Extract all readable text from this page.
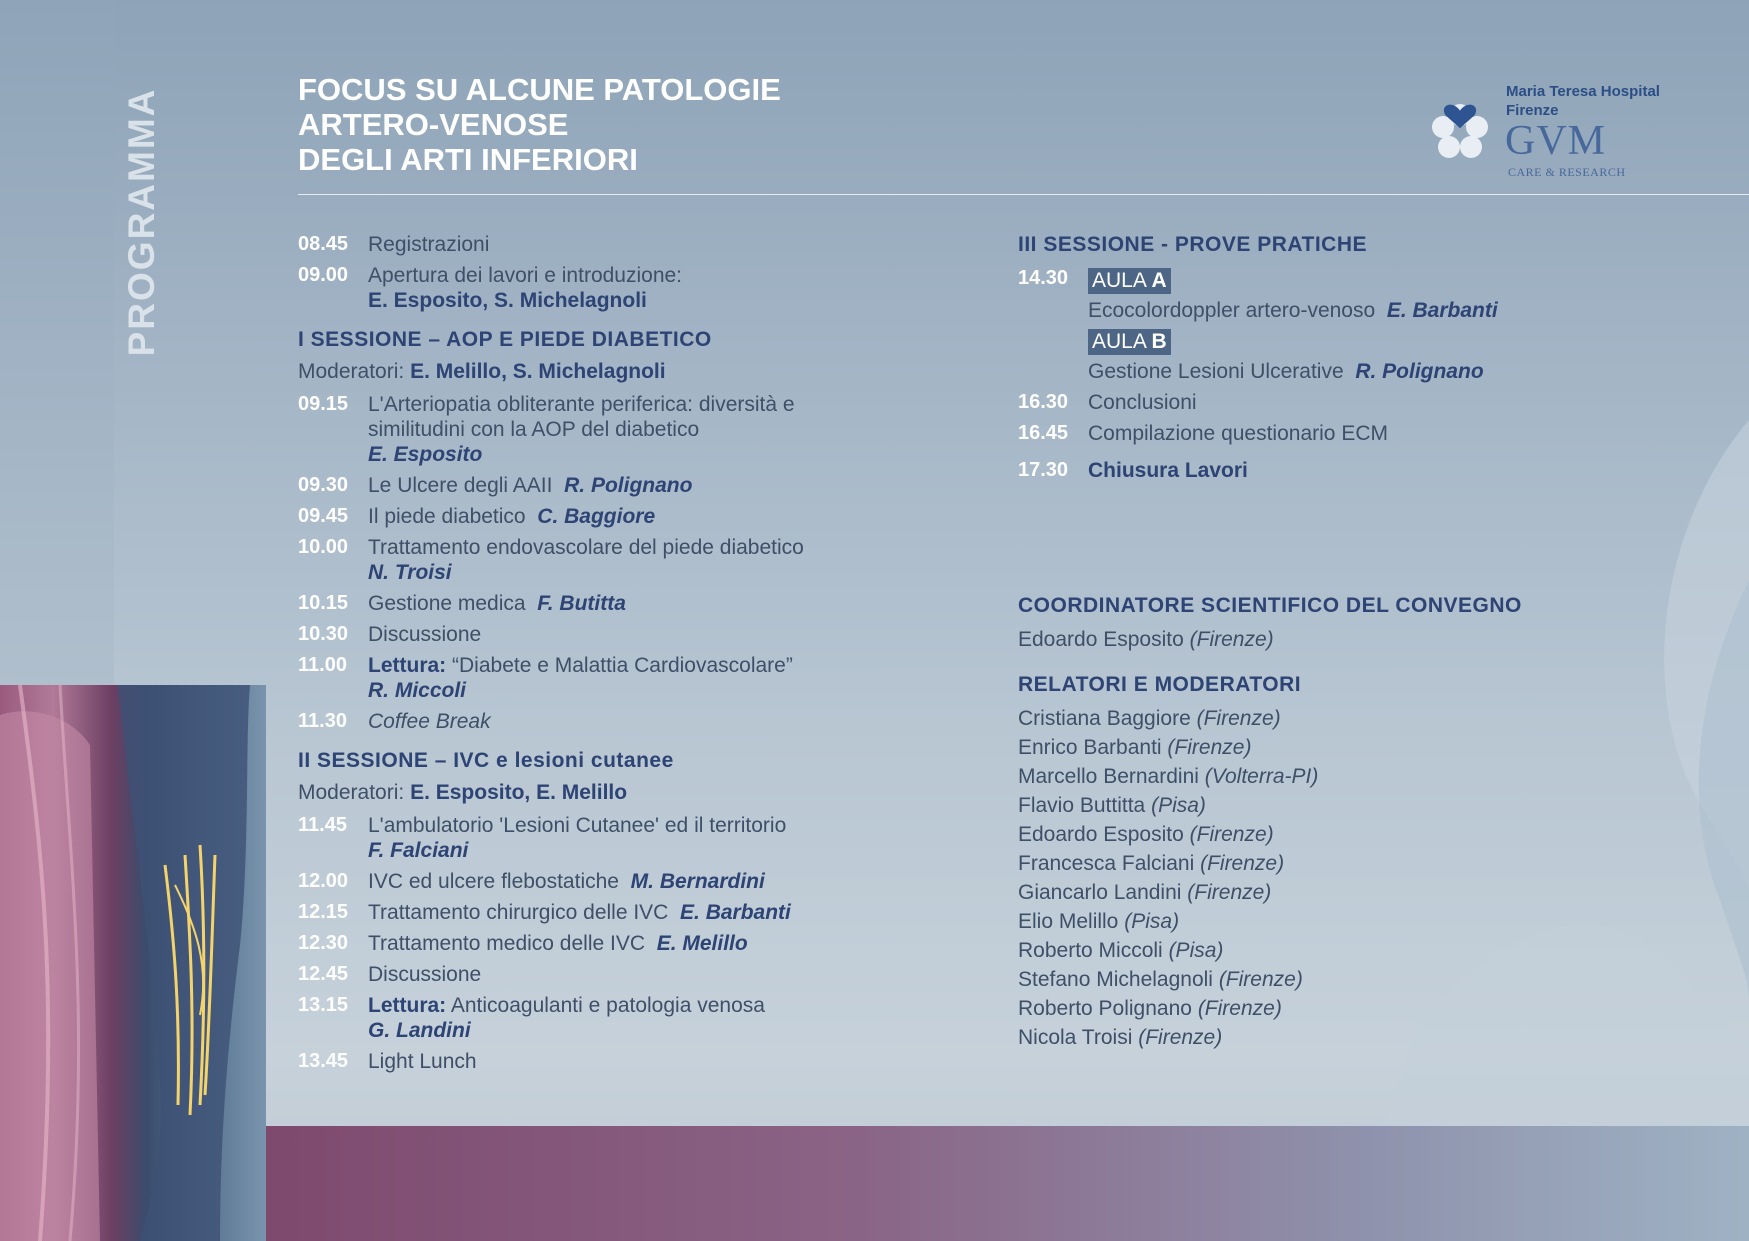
PROGRAMMA	FOCUS SU ALCUNE PATOLOGIE
ARTERO-VENOSE
DEGLI ARTI INFERIORI
Maria Teresa Hospital
Firenze
GVM
CARE & RESEARCH
08.45 Registrazioni
09.00 Apertura dei lavori e introduzione:
E. Esposito, S. Michelagnoli
I SESSIONE – AOP E PIEDE DIABETICO
Moderatori: E. Melillo, S. Michelagnoli
09.15 L'Arteriopatia obliterante periferica: diversità e
similitudini con la AOP del diabetico
E. Esposito
09.30 Le Ulcere degli AAII R. Polignano
09.45 Il piede diabetico C. Baggiore
10.00 Trattamento endovascolare del piede diabetico
N. Troisi
10.15 Gestione medica F. Butitta
10.30 Discussione
11.00	Lettura: “Diabete e Malattia Cardiovascolare”
R. Miccoli
11.30	Coffee Break
II SESSIONE – IVC e lesioni cutanee
Moderatori: E. Esposito, E. Melillo
11.45	L'ambulatorio 'Lesioni Cutanee' ed il territorio
F. Falciani
12.00 IVC ed ulcere flebostatiche M. Bernardini
12.15 Trattamento chirurgico delle IVC E. Barbanti
12.30 Trattamento medico delle IVC E. Melillo
12.45 Discussione
13.15 Lettura: Anticoagulanti e patologia venosa
G. Landini
13.45 Light Lunch
III SESSIONE - PROVE PRATICHE
14.30	AULA A
Ecocolordoppler artero-venoso E. Barbanti
AULA B
Gestione Lesioni Ulcerative R. Polignano
16.30 Conclusioni
16.45 Compilazione questionario ECM
17.30 Chiusura Lavori
COORDINATORE SCIENTIFICO DEL CONVEGNO
Edoardo Esposito (Firenze)
RELATORI E MODERATORI
Cristiana Baggiore (Firenze)
Enrico Barbanti (Firenze)
Marcello Bernardini (Volterra-PI)
Flavio Buttitta (Pisa)
Edoardo Esposito (Firenze)
Francesca Falciani (Firenze)
Giancarlo Landini (Firenze)
Elio Melillo (Pisa)
Roberto Miccoli (Pisa)
Stefano Michelagnoli (Firenze)
Roberto Polignano (Firenze)
Nicola Troisi (Firenze)
